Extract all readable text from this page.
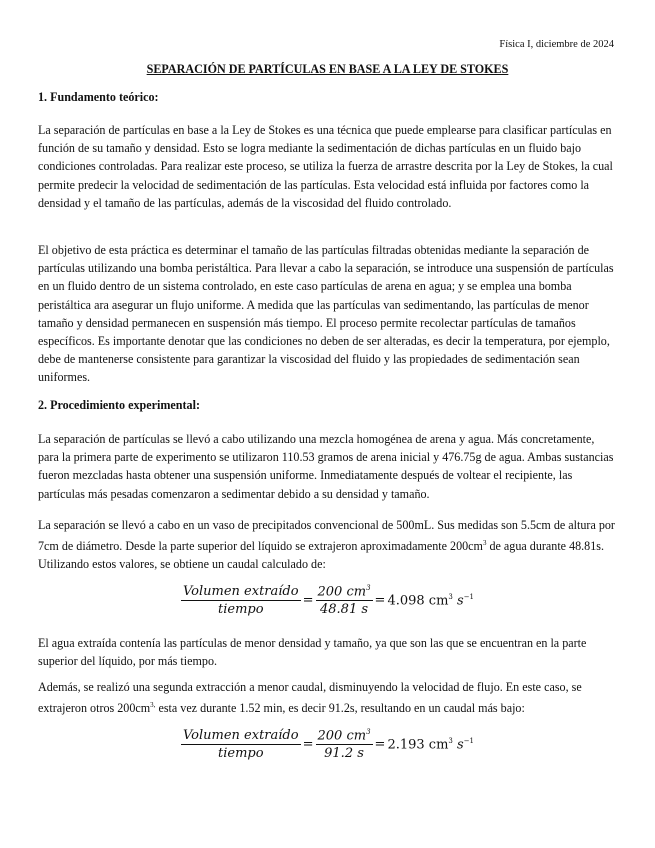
Física I, diciembre de 2024
SEPARACIÓN DE PARTÍCULAS EN BASE A LA LEY DE STOKES
1. Fundamento teórico:

La separación de partículas en base a la Ley de Stokes es una técnica que puede emplearse para clasificar partículas en función de su tamaño y densidad. Esto se logra mediante la sedimentación de dichas partículas en un fluido bajo condiciones controladas. Para realizar este proceso, se utiliza la fuerza de arrastre descrita por la Ley de Stokes, la cual permite predecir la velocidad de sedimentación de las partículas. Esta velocidad está influida por factores como la densidad y el tamaño de las partículas, además de la viscosidad del fluido controlado.

El objetivo de esta práctica es determinar el tamaño de las partículas filtradas obtenidas mediante la separación de partículas utilizando una bomba peristáltica. Para llevar a cabo la separación, se introduce una suspensión de partículas en un fluido dentro de un sistema controlado, en este caso partículas de arena en agua; y se emplea una bomba peristáltica ara asegurar un flujo uniforme. A medida que las partículas van sedimentando, las partículas de menor tamaño y densidad permanecen en suspensión más tiempo. El proceso permite recolectar partículas de tamaños específicos. Es importante denotar que las condiciones no deben de ser alteradas, es decir la temperatura, por ejemplo, debe de mantenerse consistente para garantizar la viscosidad del fluido y las propiedades de sedimentación sean uniformes.

2. Procedimiento experimental:

La separación de partículas se llevó a cabo utilizando una mezcla homogénea de arena y agua. Más concretamente, para la primera parte de experimento se utilizaron 110.53 gramos de arena inicial y 476.75g de agua. Ambas sustancias fueron mezcladas hasta obtener una suspensión uniforme. Inmediatamente después de voltear el recipiente, las partículas más pesadas comenzaron a sedimentar debido a su densidad y tamaño.

La separación se llevó a cabo en un vaso de precipitados convencional de 500mL. Sus medidas son 5.5cm de altura por 7cm de diámetro. Desde la parte superior del líquido se extrajeron aproximadamente $200cm^3$ de agua durante 48.81s. Utilizando estos valores, se obtiene un caudal calculado de:

$\frac{\text{Volumen extraído}}{\text{tiempo}} = \frac{200 cm^3}{48.81 s} = 4.098$ $cm^3$ $s^{-1}$

El agua extraída contenía las partículas de menor densidad y tamaño, ya que son las que se encuentran en la parte superior del líquido, por más tiempo.

Además, se realizó una segunda extracción a menor caudal, disminuyendo la velocidad de flujo. En este caso, se extrajeron otros $200cm^{3,}$ esta vez durante 1.52 min, es decir 91.2s, resultando en un caudal más bajo:

$\frac{\text{Volumen extraído}}{\text{tiempo}} = \frac{200 cm^3}{91.2 s} = 2.193$ $cm^3$ $s^{-1}$
